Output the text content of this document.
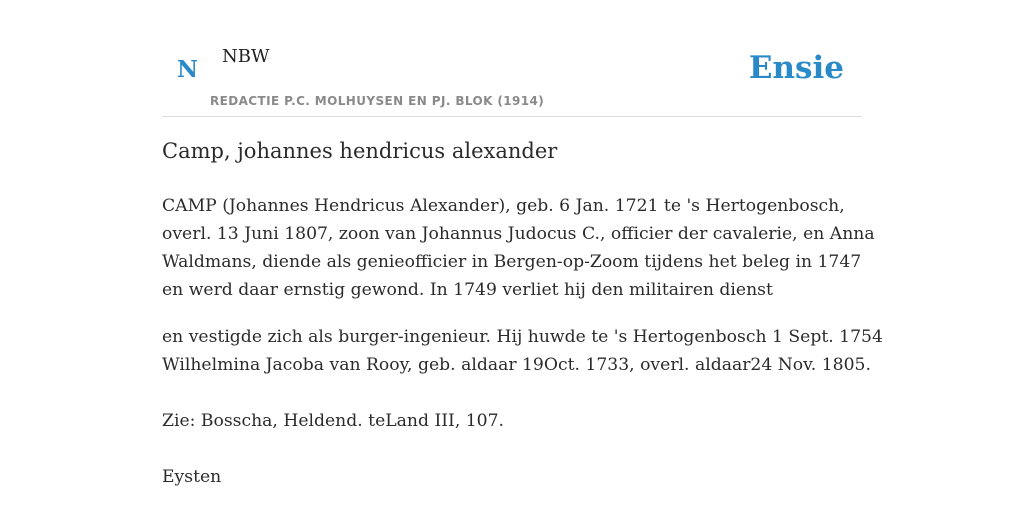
N NBW
REDACTIE P.C. MOLHUYSEN EN PJ. BLOK (1914)
Ensie
Camp, johannes hendricus alexander

CAMP (Johannes Hendricus Alexander), geb. 6 Jan. 1721 te 's Hertogenbosch,
overl. 13 Juni 1807, zoon van Johannus Judocus C., officier der cavalerie, en Anna
Waldmans, diende als genieofficier in Bergen-op-Zoom tijdens het beleg in 1747
en werd daar ernstig gewond. In 1749 verliet hij den militairen dienst

en vestigde zich als burger-ingenieur. Hij huwde te 's Hertogenbosch 1 Sept. 1754
Wilhelmina Jacoba van Rooy, geb. aldaar 19Oct. 1733, overl. aldaar24 Nov. 1805.

Zie: Bosscha, Heldend. teLand III, 107.

Eysten
